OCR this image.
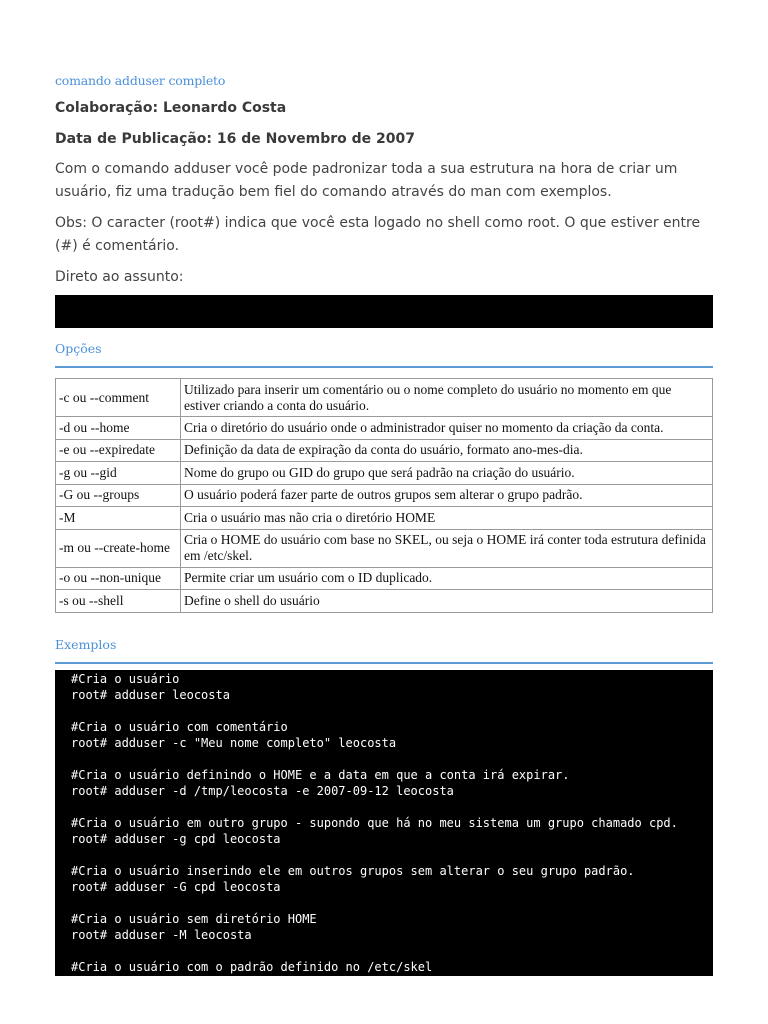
comando adduser completo

Colaboração: Leonardo Costa

Data de Publicação: 16 de Novembro de 2007

Com o comando adduser você pode padronizar toda a sua estrutura na hora de criar um usuário, fiz uma tradução bem fiel do comando através do man com exemplos.

Obs: O caracter (root#) indica que você esta logado no shell como root. O que estiver entre (#) é comentário.

Direto ao assunto:

Opções

-c ou --comment	Utilizado para inserir um comentário ou o nome completo do usuário no momento em que estiver criando a conta do usuário.
-d ou --home	Cria o diretório do usuário onde o administrador quiser no momento da criação da conta.
-e ou --expiredate	Definição da data de expiração da conta do usuário, formato ano-mes-dia.
-g ou --gid	Nome do grupo ou GID do grupo que será padrão na criação do usuário.
-G ou --groups	O usuário poderá fazer parte de outros grupos sem alterar o grupo padrão.
-M	Cria o usuário mas não cria o diretório HOME
-m ou --create-home	Cria o HOME do usuário com base no SKEL, ou seja o HOME irá conter toda estrutura definida em /etc/skel.
-o ou --non-unique	Permite criar um usuário com o ID duplicado.
-s ou --shell	Define o shell do usuário

Exemplos

#Cria o usuário
root# adduser leocosta
#Cria o usuário com comentário
root# adduser -c "Meu nome completo" leocosta
#Cria o usuário definindo o HOME e a data em que a conta irá expirar.
root# adduser -d /tmp/leocosta -e 2007-09-12 leocosta
#Cria o usuário em outro grupo - supondo que há no meu sistema um grupo chamado cpd.
root# adduser -g cpd leocosta
#Cria o usuário inserindo ele em outros grupos sem alterar o seu grupo padrão.
root# adduser -G cpd leocosta
#Cria o usuário sem diretório HOME
root# adduser -M leocosta
#Cria o usuário com o padrão definido no /etc/skel
